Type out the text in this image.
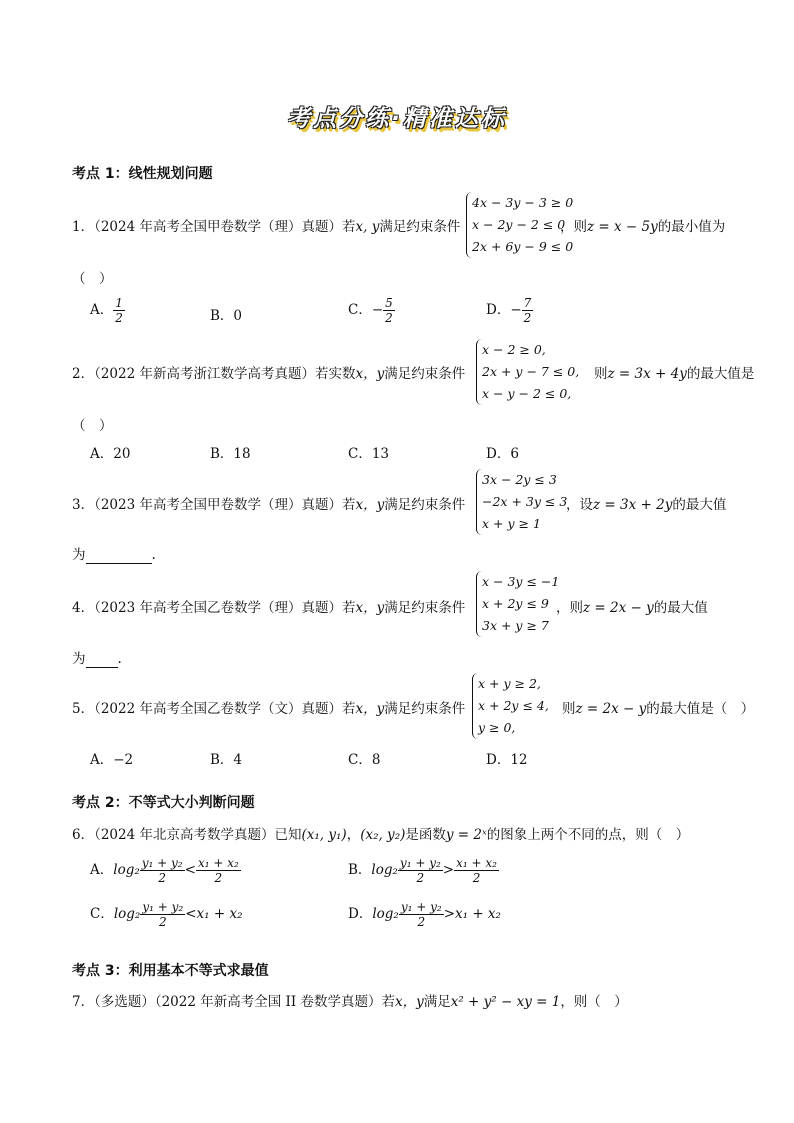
考点分练·精准达标
考点 1：线性规划问题
1．（2024 年高考全国甲卷数学（理）真题）若x, y满足约束条件
4x − 3y − 3 ≥ 0
x − 2y − 2 ≤ 0
2x + 6y − 9 ≤ 0
，则z = x − 5y的最小值为
（　）
A． $\frac{1}{2}$	B．0	C．− $\frac{5}{2}$	D．− $\frac{7}{2}$
2．（2022 年新高考浙江数学高考真题）若实数x，y满足约束条件
x − 2 ≥ 0,
2x + y − 7 ≤ 0,
x − y − 2 ≤ 0,
则z = 3x + 4y的最大值是
（　）
A．20	B．18	C．13	D．6
3．（2023 年高考全国甲卷数学（理）真题）若x，y满足约束条件
3x − 2y ≤ 3
−2x + 3y ≤ 3
x + y ≥ 1
，设z = 3x + 2y的最大值
为	.
4．（2023 年高考全国乙卷数学（理）真题）若x，y满足约束条件
x − 3y ≤ −1
x + 2y ≤ 9
3x + y ≥ 7
，则z = 2x − y的最大值
为 .
5．（2022 年高考全国乙卷数学（文）真题）若x，y满足约束条件
x + y ≥ 2,
x + 2y ≤ 4,
y ≥ 0,
则z = 2x − y的最大值是（　）
A．−2	B．4	C．8	D．12
考点 2：不等式大小判断问题
6．（2024 年北京高考数学真题）已知(x₁, y₁)，(x₂, y₂)是函数y = 2ˣ的图象上两个不同的点，则（　）
A．$\log_2 \frac{\text{y₁ + y₂}}{2} < \frac{\text{x₁ + x₂}}{2}$	B．$\log_2 \frac{\text{y₁ + y₂}}{2} > \frac{\text{x₁ + x₂}}{2}$
C．$\log_2 \frac{\text{y₁ + y₂}}{2} <x_1 + x_2$	D．$\log_2 \frac{\text{y₁ + y₂}}{2} >x_1 + x_2$
考点 3：利用基本不等式求最值
7．（多选题）（2022 年新高考全国 II 卷数学真题）若x，y满足x² + y² − xy = 1，则（　）
